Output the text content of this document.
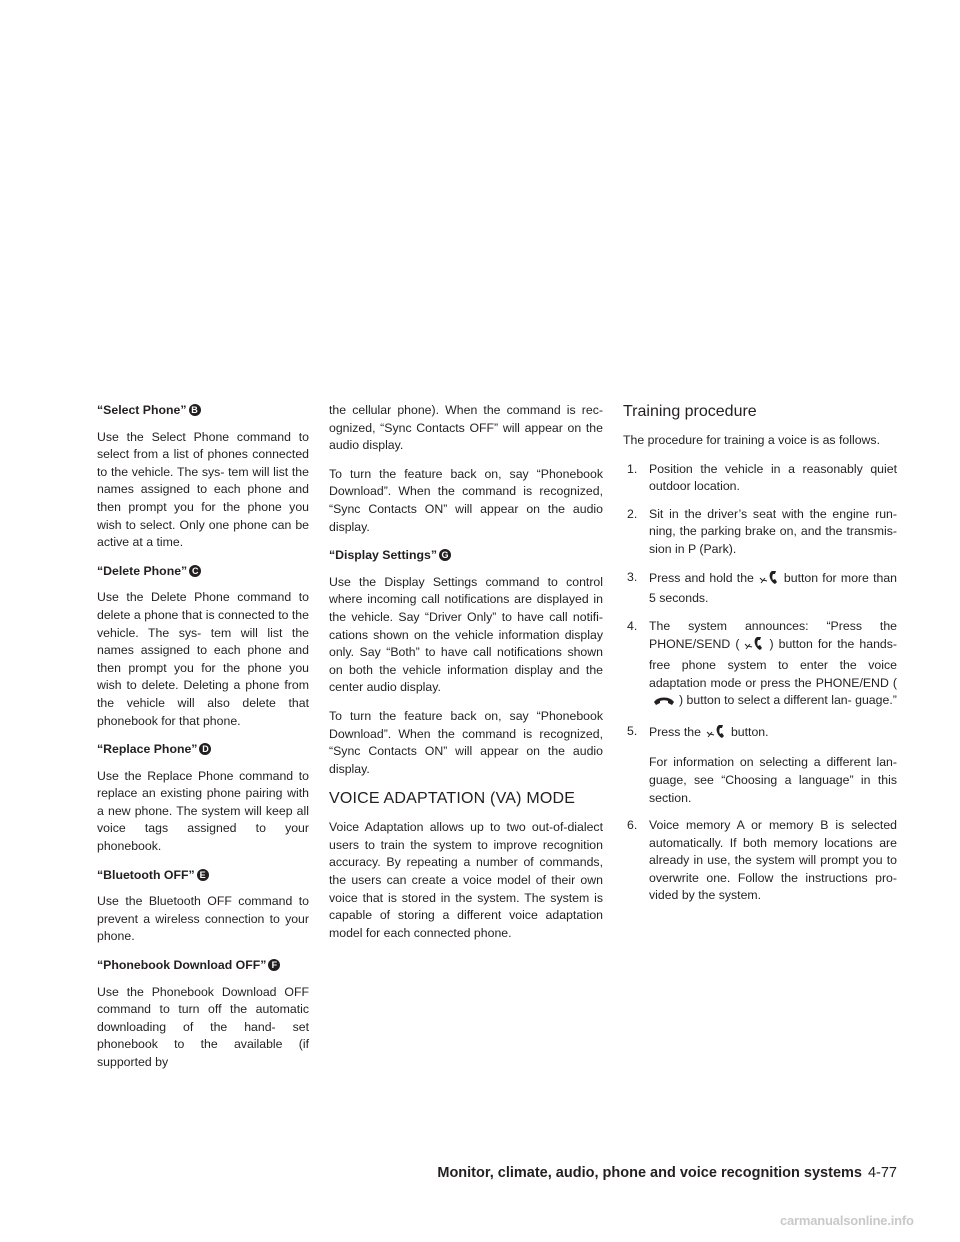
“Select Phone” B

Use the Select Phone command to select from a list of phones connected to the vehicle. The sys- tem will list the names assigned to each phone and then prompt you for the phone you wish to select. Only one phone can be active at a time.

“Delete Phone” C

Use the Delete Phone command to delete a phone that is connected to the vehicle. The sys- tem will list the names assigned to each phone and then prompt you for the phone you wish to delete. Deleting a phone from the vehicle will also delete that phonebook for that phone.

“Replace Phone” D

Use the Replace Phone command to replace an existing phone pairing with a new phone. The system will keep all voice tags assigned to your phonebook.

“Bluetooth OFF” E

Use the Bluetooth OFF command to prevent a wireless connection to your phone.

“Phonebook Download OFF” F

Use the Phonebook Download OFF command to turn off the automatic downloading of the hand- set phonebook to the available (if supported by

the cellular phone). When the command is rec- ognized, “Sync Contacts OFF” will appear on the audio display.

To turn the feature back on, say “Phonebook Download”. When the command is recognized, “Sync Contacts ON” will appear on the audio display.

“Display Settings” G

Use the Display Settings command to control where incoming call notifications are displayed in the vehicle. Say “Driver Only” to have call notifi- cations shown on the vehicle information display only. Say “Both” to have call notifications shown on both the vehicle information display and the center audio display.

To turn the feature back on, say “Phonebook Download”. When the command is recognized, “Sync Contacts ON” will appear on the audio display.

VOICE ADAPTATION (VA) MODE

Voice Adaptation allows up to two out-of-dialect users to train the system to improve recognition accuracy. By repeating a number of commands, the users can create a voice model of their own voice that is stored in the system. The system is capable of storing a different voice adaptation model for each connected phone.

Training procedure

The procedure for training a voice is as follows.

1. Position the vehicle in a reasonably quiet outdoor location.
2. Sit in the driver’s seat with the engine run- ning, the parking brake on, and the transmis- sion in P (Park).
3. Press and hold the button for more than 5 seconds.
4. The system announces: “Press the PHONE/SEND ( ) button for the hands-free phone system to enter the voice adaptation mode or press the PHONE/END () button to select a different lan- guage.”
5. Press the button.
For information on selecting a different lan- guage, see “Choosing a language” in this section.
6. Voice memory A or memory B is selected automatically. If both memory locations are already in use, the system will prompt you to overwrite one. Follow the instructions pro- vided by the system.
Monitor, climate, audio, phone and voice recognition systems 4-77
carmanualsonline.info
